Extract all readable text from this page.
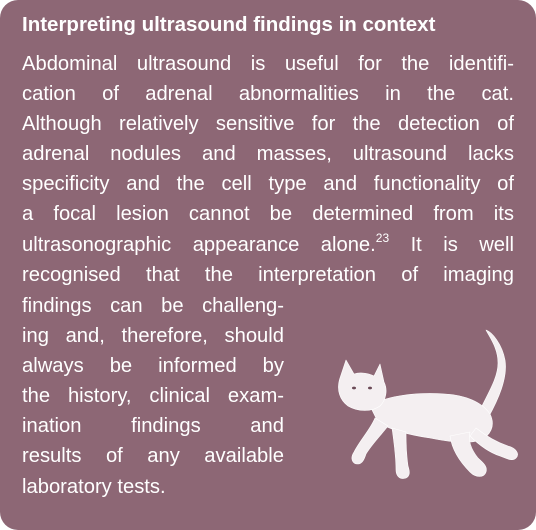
Interpreting ultrasound findings in context

Abdominal ultrasound is useful for the identifi-
cation of adrenal abnormalities in the cat.
Although relatively sensitive for the detection of
adrenal nodules and masses, ultrasound lacks
specificity and the cell type and functionality of
a focal lesion cannot be determined from its
ultrasonographic appearance alone.$^{23}$ It is well
recognised that the interpretation of imaging

findings can be challeng-
ing and, therefore, should
always be informed by
the history, clinical exam-
ination findings and
results of any available
laboratory tests.
